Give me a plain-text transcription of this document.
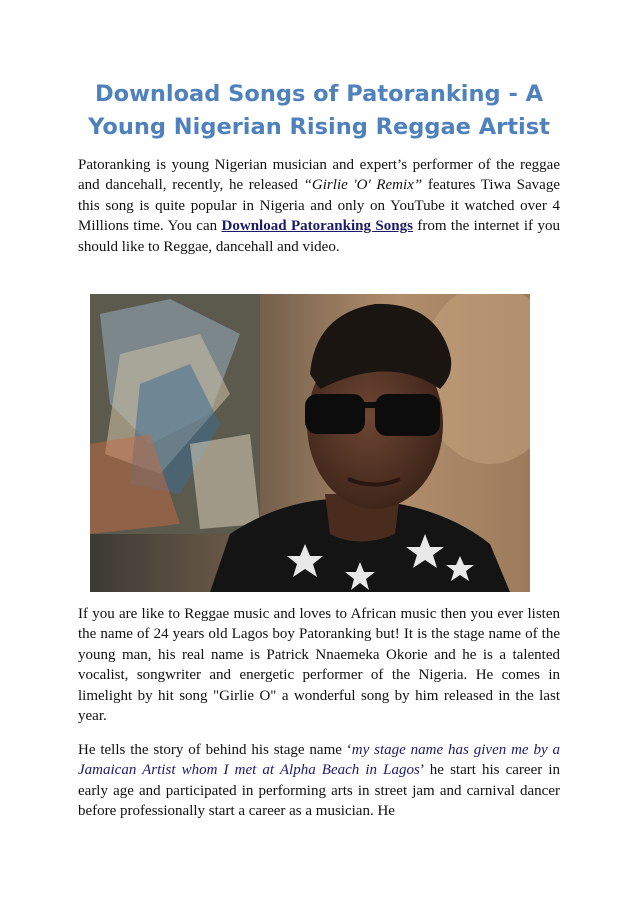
Download Songs of Patoranking - A Young Nigerian Rising Reggae Artist

Patoranking is young Nigerian musician and expert’s performer of the reggae and dancehall, recently, he released “Girlie 'O' Remix” features Tiwa Savage this song is quite popular in Nigeria and only on YouTube it watched over 4 Millions time. You can Download Patoranking Songs from the internet if you should like to Reggae, dancehall and video.

If you are like to Reggae music and loves to African music then you ever listen the name of 24 years old Lagos boy Patoranking but! It is the stage name of the young man, his real name is Patrick Nnaemeka Okorie and he is a talented vocalist, songwriter and energetic performer of the Nigeria. He comes in limelight by hit song "Girlie O" a wonderful song by him released in the last year.

He tells the story of behind his stage name ‘my stage name has given me by a Jamaican Artist whom I met at Alpha Beach in Lagos’ he start his career in early age and participated in performing arts in street jam and carnival dancer before professionally start a career as a musician. He
